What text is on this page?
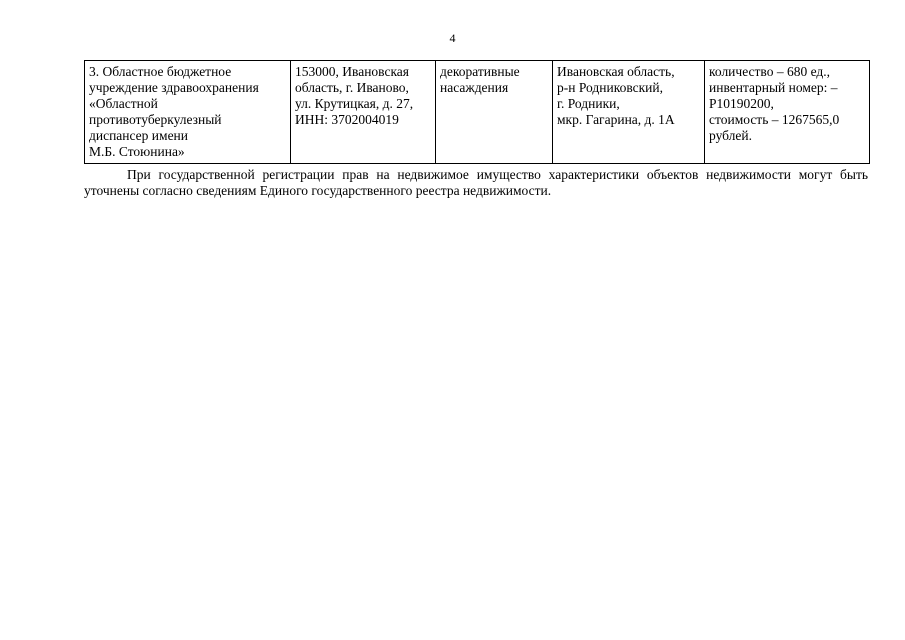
4
3. Областное бюджетное
учреждение здравоохранения
«Областной
противотуберкулезный
диспансер имени
М.Б. Стоюнина»	153000, Ивановская
область, г. Иваново,
ул. Крутицкая, д. 27,
ИНН: 3702004019	декоративные
насаждения	Ивановская область,
р-н Родниковский,
г. Родники,
мкр. Гагарина, д. 1А	количество – 680 ед.,
инвентарный номер: –
Р10190200,
стоимость – 1267565,0
рублей.

При государственной регистрации прав на недвижимое имущество характеристики объектов недвижимости могут быть уточнены согласно сведениям Единого государственного реестра недвижимости.
